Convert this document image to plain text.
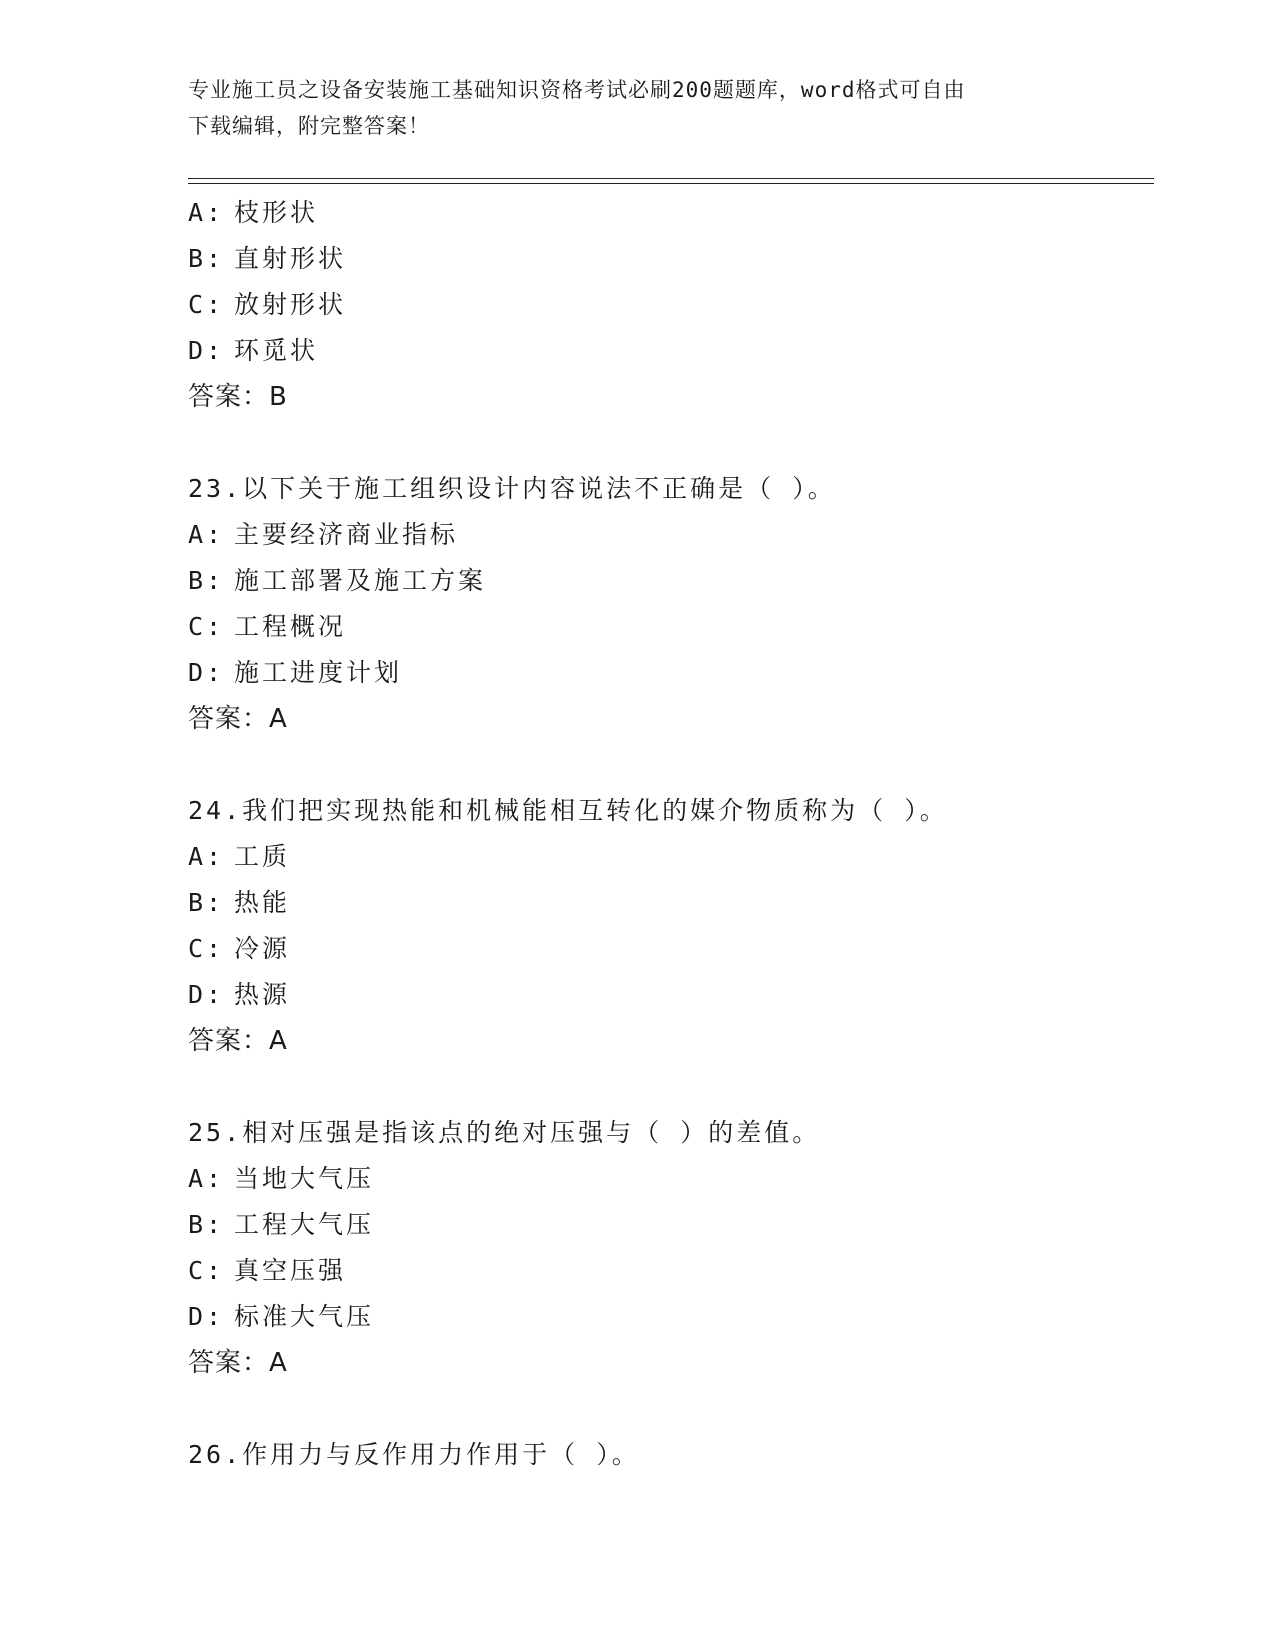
专业施工员之设备安装施工基础知识资格考试必刷200题题库，word格式可自由
下载编辑，附完整答案！
A: 枝形状
B: 直射形状
C: 放射形状
D: 环觅状
答案：B
23.以下关于施工组织设计内容说法不正确是（ ）。
A: 主要经济商业指标
B: 施工部署及施工方案
C: 工程概况
D: 施工进度计划
答案：A
24.我们把实现热能和机械能相互转化的媒介物质称为（ ）。
A: 工质
B: 热能
C: 冷源
D: 热源
答案：A
25.相对压强是指该点的绝对压强与（ ）的差值。
A: 当地大气压
B: 工程大气压
C: 真空压强
D: 标准大气压
答案：A
26.作用力与反作用力作用于（ ）。
